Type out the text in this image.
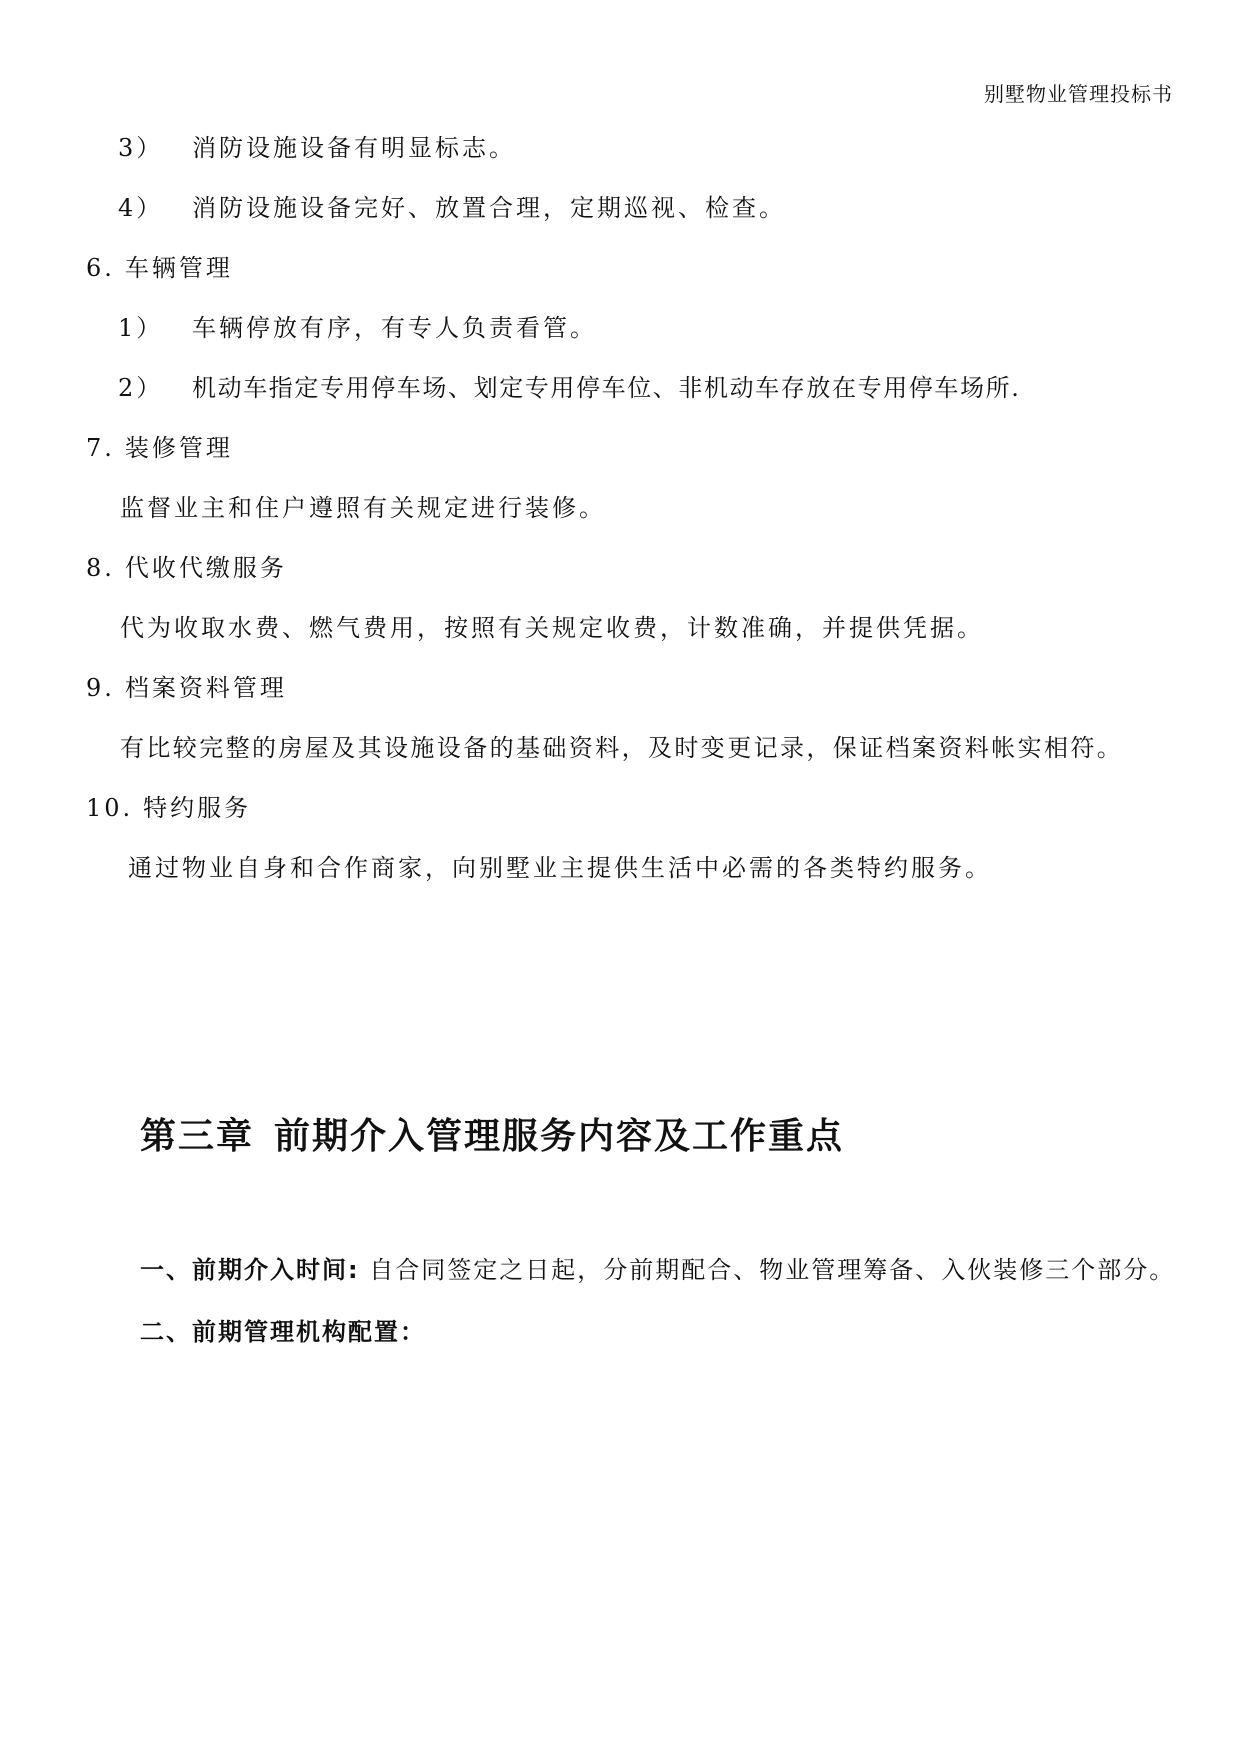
别墅物业管理投标书
3） 消防设施设备有明显标志。
4） 消防设施设备完好、放置合理，定期巡视、检查。
6. 车辆管理
1） 车辆停放有序，有专人负责看管。
2） 机动车指定专用停车场、划定专用停车位、非机动车存放在专用停车场所.
7. 装修管理
监督业主和住户遵照有关规定进行装修。
8. 代收代缴服务
代为收取水费、燃气费用，按照有关规定收费，计数准确，并提供凭据。
9. 档案资料管理
有比较完整的房屋及其设施设备的基础资料，及时变更记录，保证档案资料帐实相符。
10. 特约服务
通过物业自身和合作商家，向别墅业主提供生活中必需的各类特约服务。
第三章 前期介入管理服务内容及工作重点
一、前期介入时间: 自合同签定之日起，分前期配合、物业管理筹备、入伙装修三个部分。
二、前期管理机构配置：
